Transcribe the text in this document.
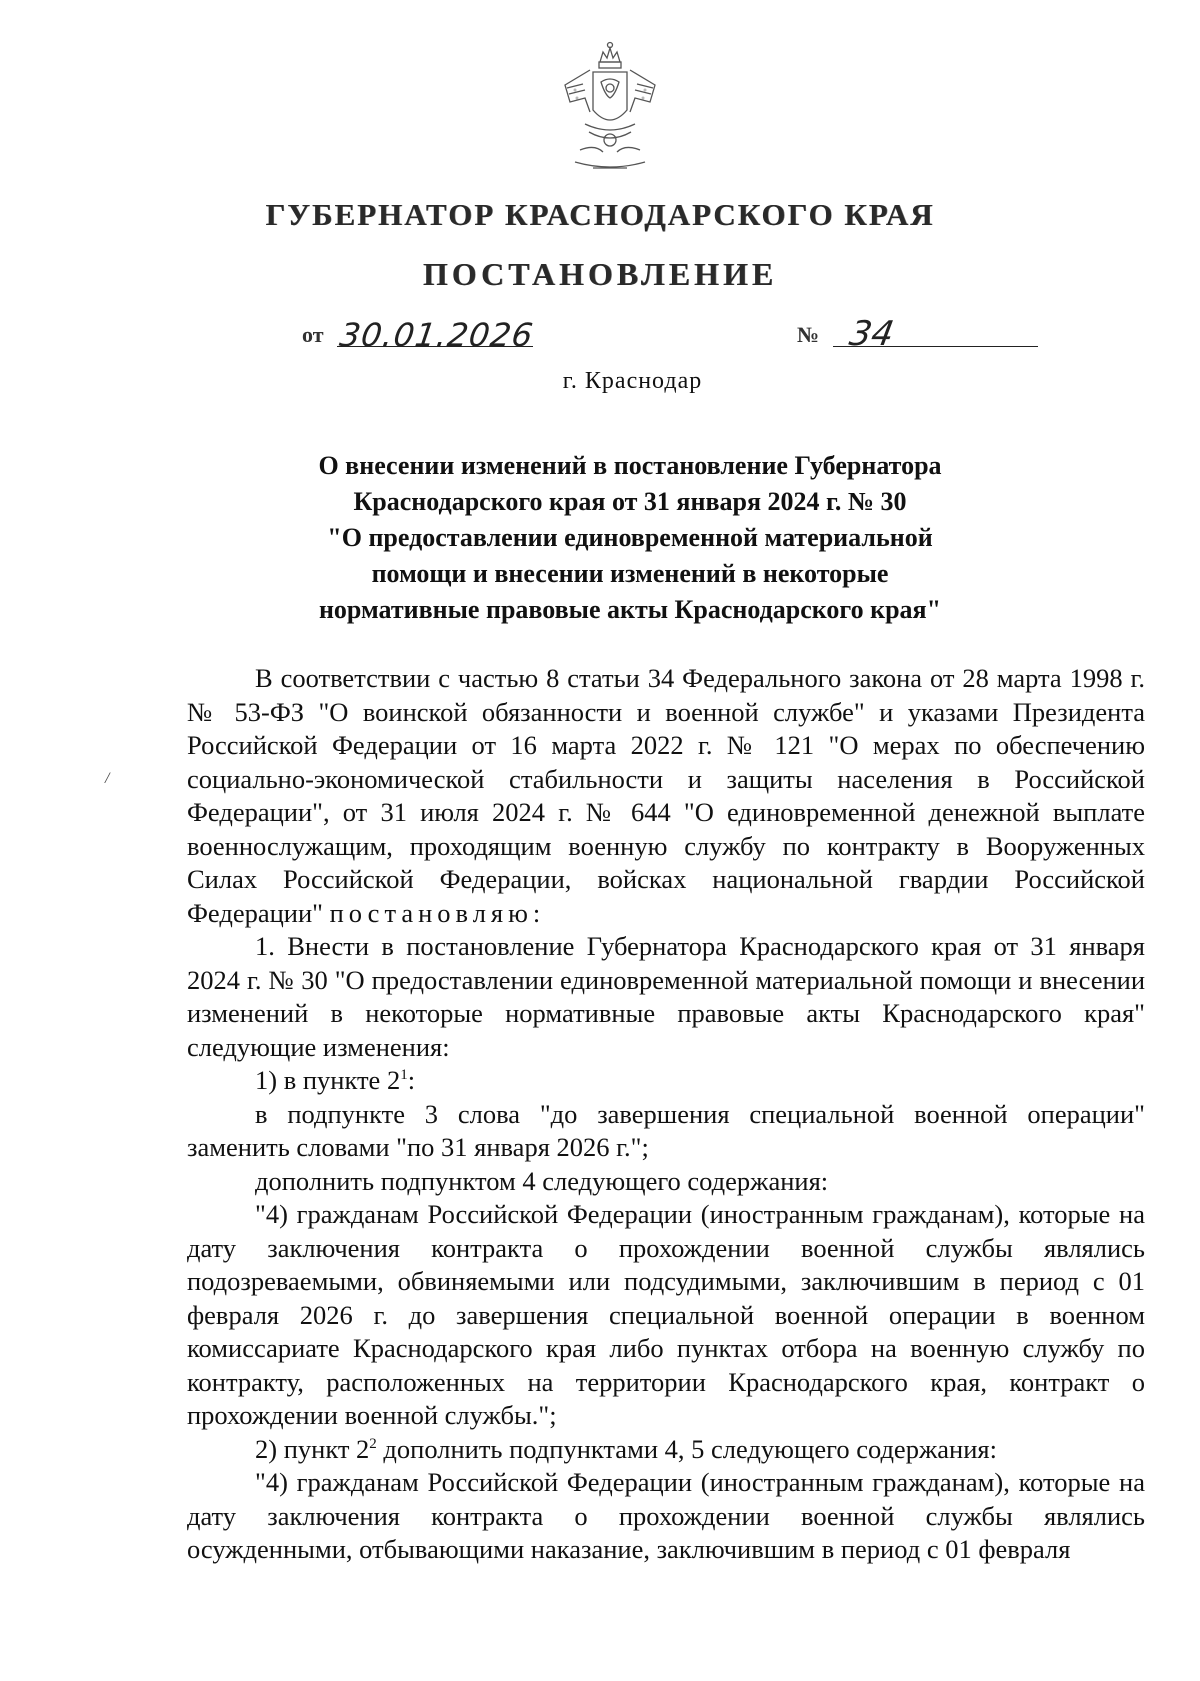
ГУБЕРНАТОР КРАСНОДАРСКОГО КРАЯ
ПОСТАНОВЛЕНИЕ
от 30.01.2026	№ 34
г. Краснодар
О внесении изменений в постановление Губернатора
Краснодарского края от 31 января 2024 г. № 30
"О предоставлении единовременной материальной
помощи и внесении изменений в некоторые
нормативные правовые акты Краснодарского края"
/

В соответствии с частью 8 статьи 34 Федерального закона от 28 марта 1998 г. № 53-ФЗ "О воинской обязанности и военной службе" и указами Президента Российской Федерации от 16 марта 2022 г. № 121 "О мерах по обеспечению социально-экономической стабильности и защиты населения в Российской Федерации", от 31 июля 2024 г. № 644 "О единовременной денежной выплате военнослужащим, проходящим военную службу по контракту в Вооруженных Силах Российской Федерации, войсках национальной гвардии Российской Федерации" постановляю:

1. Внести в постановление Губернатора Краснодарского края от 31 января 2024 г. № 30 "О предоставлении единовременной материальной помощи и внесении изменений в некоторые нормативные правовые акты Краснодарского края" следующие изменения:

1) в пункте $2^1$:

в подпункте 3 слова "до завершения специальной военной операции" заменить словами "по 31 января 2026 г.";

дополнить подпунктом 4 следующего содержания:

"4) гражданам Российской Федерации (иностранным гражданам), которые на дату заключения контракта о прохождении военной службы являлись подозреваемыми, обвиняемыми или подсудимыми, заключившим в период с 01 февраля 2026 г. до завершения специальной военной операции в военном комиссариате Краснодарского края либо пунктах отбора на военную службу по контракту, расположенных на территории Краснодарского края, контракт о прохождении военной службы.";

2) пункт $2^2$ дополнить подпунктами 4, 5 следующего содержания:

"4) гражданам Российской Федерации (иностранным гражданам), которые на дату заключения контракта о прохождении военной службы являлись осужденными, отбывающими наказание, заключившим в период с 01 февраля
